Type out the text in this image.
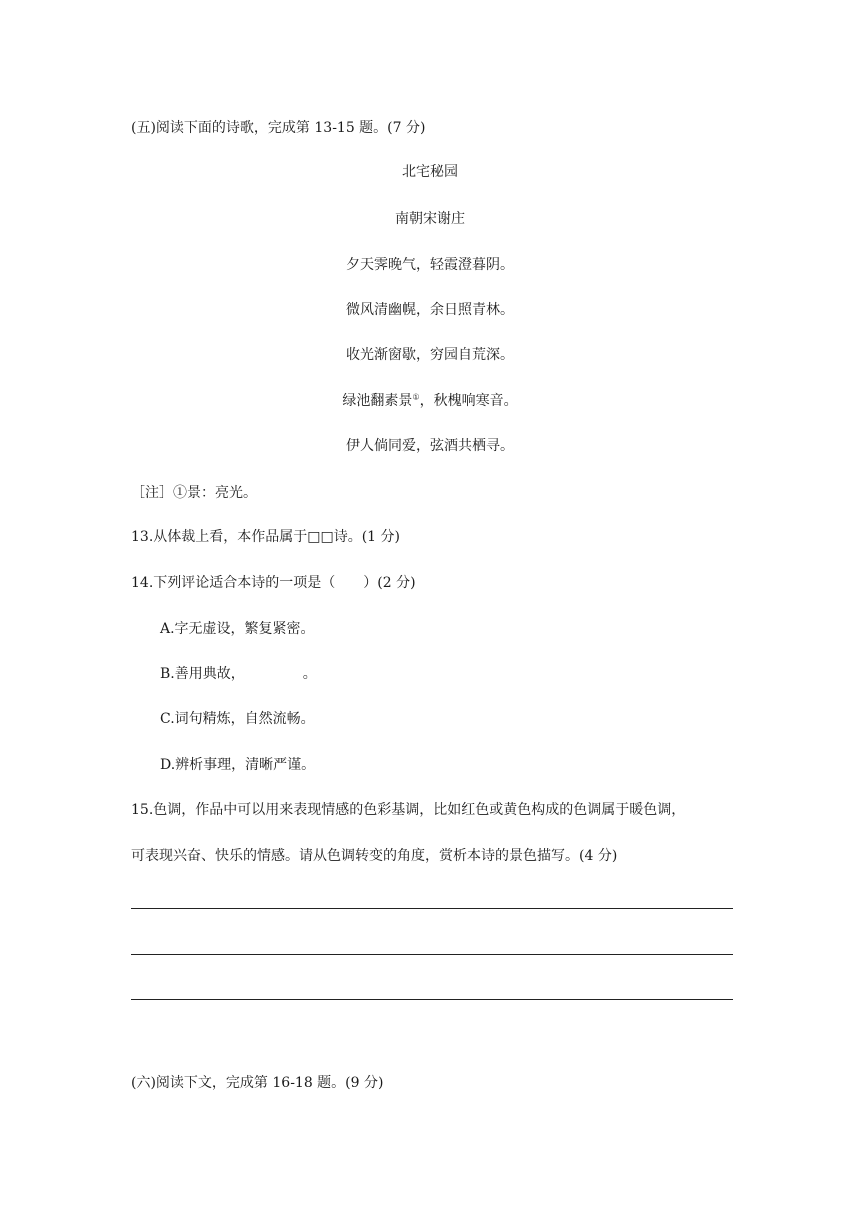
(五)阅读下面的诗歌，完成第 13-15 题。(7 分)
北宅秘园
南朝宋谢庄
夕天霁晚气，轻霞澄暮阴。
微风清幽幌，余日照青林。
收光渐窗歇，穷园自荒深。
绿池翻素景①，秋槐响寒音。
伊人倘同爱，弦酒共栖寻。
［注］①景：亮光。
13.从体裁上看，本作品属于□□诗。(1 分)
14.下列评论适合本诗的一项是（　　）(2 分)
A.字无虚设，繁复紧密。
B.善用典故，	。
C.词句精炼，自然流畅。
D.辨析事理，清晰严谨。
15.色调，作品中可以用来表现情感的色彩基调，比如红色或黄色构成的色调属于暖色调，
可表现兴奋、快乐的情感。请从色调转变的角度，赏析本诗的景色描写。(4 分)
(六)阅读下文，完成第 16-18 题。(9 分)
